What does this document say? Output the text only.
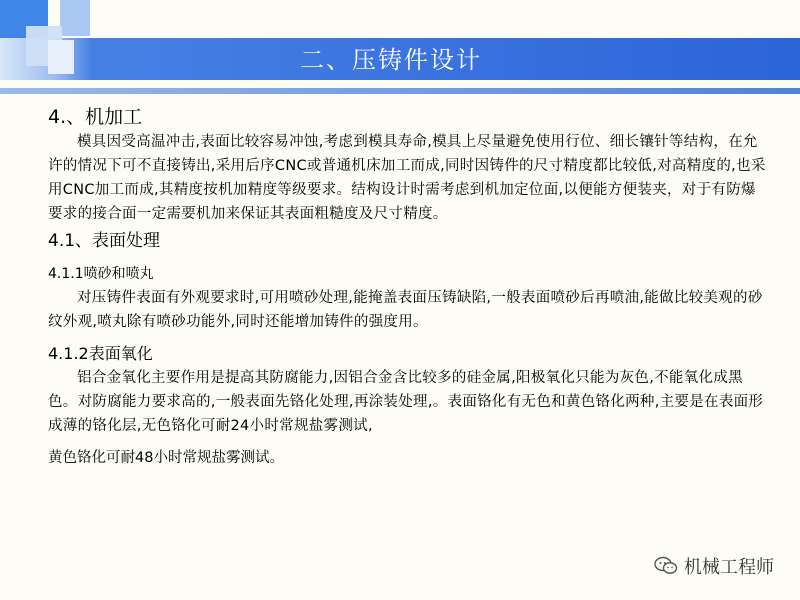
二、压铸件设计
4.、机加工

模具因受高温冲击,表面比较容易冲蚀,考虑到模具寿命,模具上尽量避免使用行位、细长镶针等结构，在允许的情况下可不直接铸出,采用后序CNC或普通机床加工而成,同时因铸件的尺寸精度都比较低,对高精度的,也采用CNC加工而成,其精度按机加精度等级要求。结构设计时需考虑到机加定位面,以便能方便装夹，对于有防爆要求的接合面一定需要机加来保证其表面粗糙度及尺寸精度。

4.1、表面处理
4.1.1喷砂和喷丸

对压铸件表面有外观要求时,可用喷砂处理,能掩盖表面压铸缺陷,一般表面喷砂后再喷油,能做比较美观的砂纹外观,喷丸除有喷砂功能外,同时还能增加铸件的强度用。

4.1.2表面氧化

铝合金氧化主要作用是提高其防腐能力,因铝合金含比较多的硅金属,阳极氧化只能为灰色,不能氧化成黑色。对防腐能力要求高的,一般表面先铬化处理,再涂装处理,。表面铬化有无色和黄色铬化两种,主要是在表面形成薄的铬化层,无色铬化可耐24小时常规盐雾测试,

黄色铬化可耐48小时常规盐雾测试。
机械工程师
